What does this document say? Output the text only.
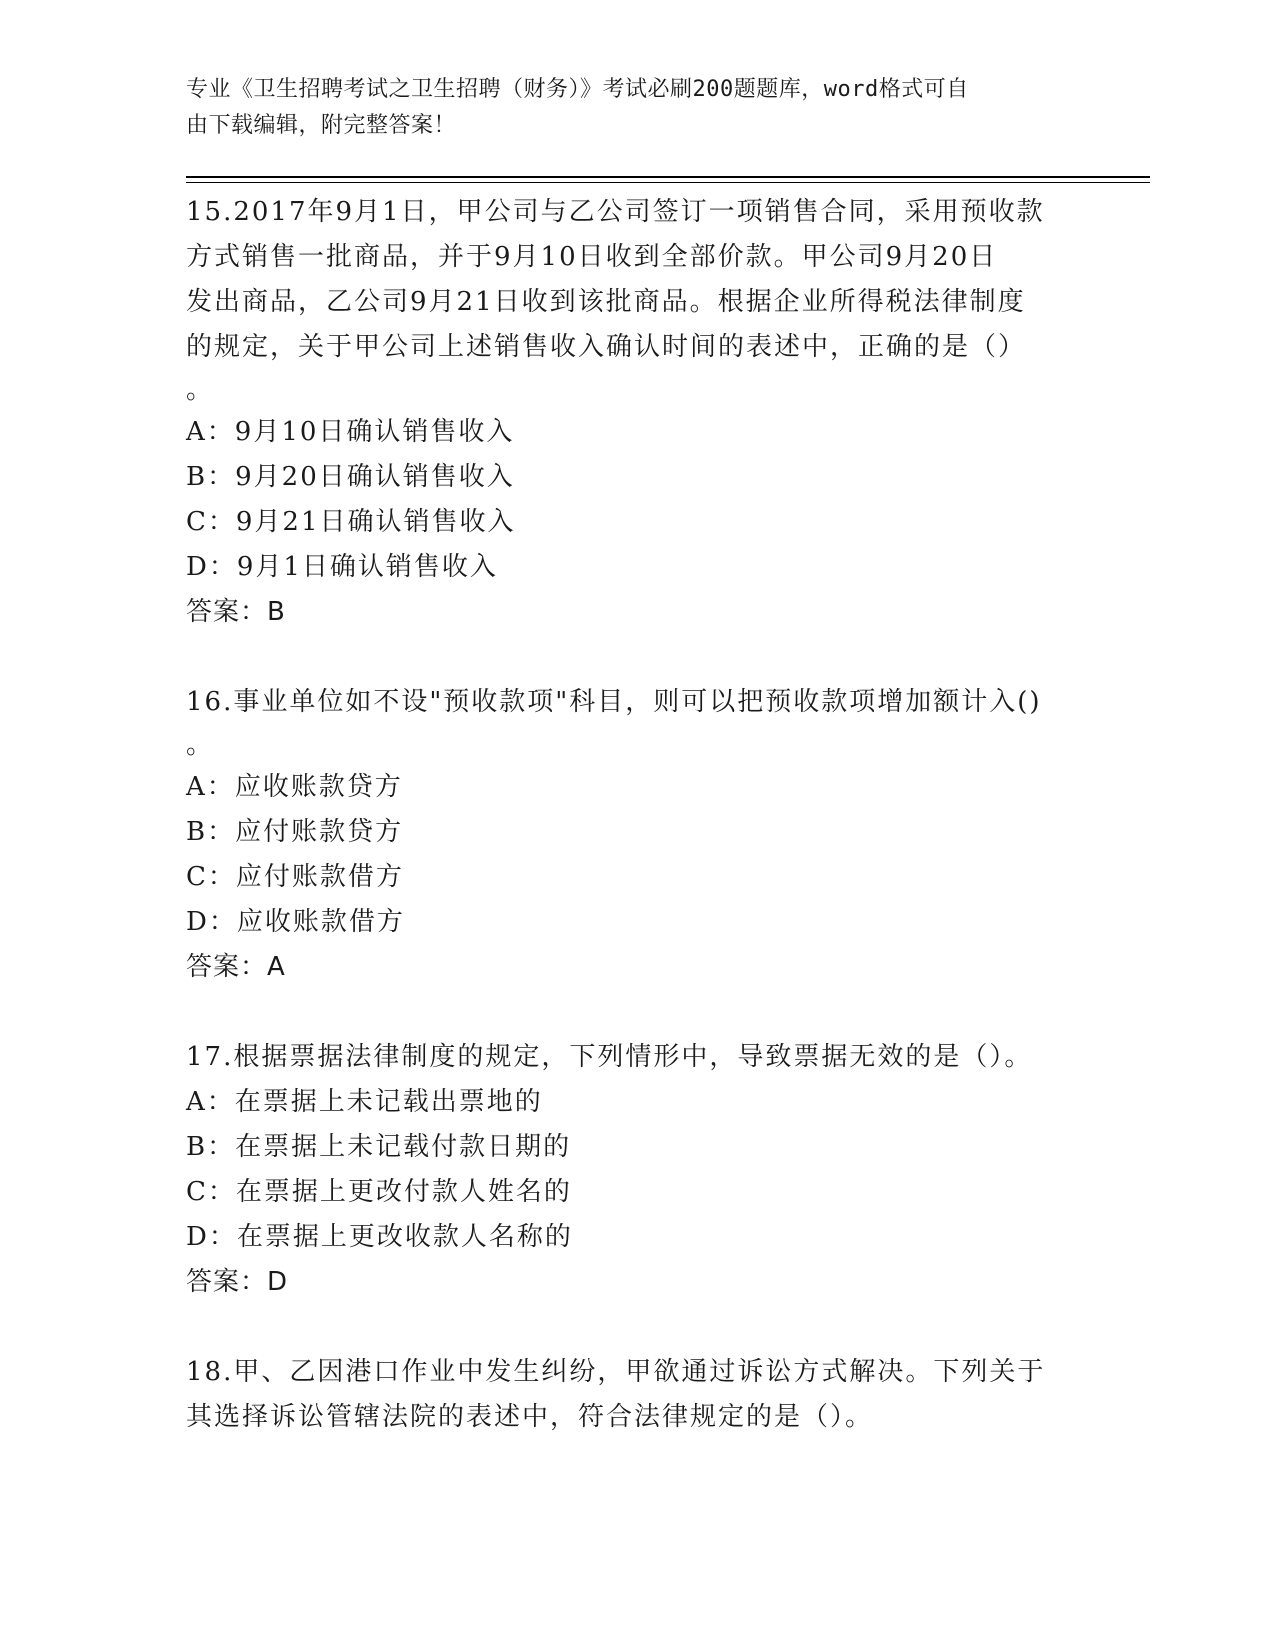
专业《卫生招聘考试之卫生招聘（财务）》考试必刷200题题库，word格式可自
由下载编辑，附完整答案！

15.2017年9月1日，甲公司与乙公司签订一项销售合同，采用预收款

方式销售一批商品，并于9月10日收到全部价款。甲公司9月20日

发出商品，乙公司9月21日收到该批商品。根据企业所得税法律制度

的规定，关于甲公司上述销售收入确认时间的表述中，正确的是（）

。

A：9月10日确认销售收入

B：9月20日确认销售收入

C：9月21日确认销售收入

D：9月1日确认销售收入

答案：B

16.事业单位如不设"预收款项"科目，则可以把预收款项增加额计入()

。

A：应收账款贷方

B：应付账款贷方

C：应付账款借方

D：应收账款借方

答案：A

17.根据票据法律制度的规定，下列情形中，导致票据无效的是（）。

A：在票据上未记载出票地的

B：在票据上未记载付款日期的

C：在票据上更改付款人姓名的

D：在票据上更改收款人名称的

答案：D

18.甲、乙因港口作业中发生纠纷，甲欲通过诉讼方式解决。下列关于

其选择诉讼管辖法院的表述中，符合法律规定的是（）。
